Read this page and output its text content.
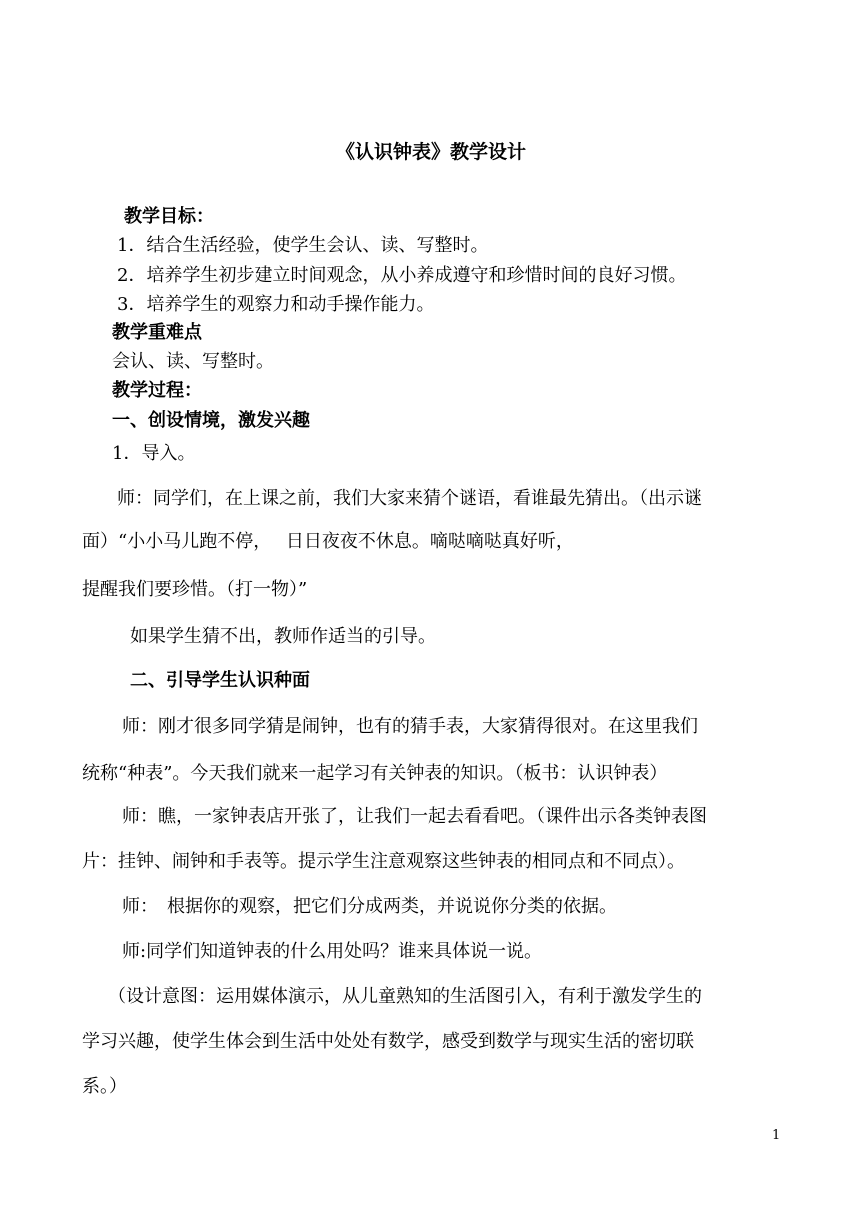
《认识钟表》教学设计
教学目标：
1．结合生活经验，使学生会认、读、写整时。
2．培养学生初步建立时间观念，从小养成遵守和珍惜时间的良好习惯。
3．培养学生的观察力和动手操作能力。
教学重难点
会认、读、写整时。
教学过程：
一、创设情境，激发兴趣
1．导入。
师：同学们，在上课之前，我们大家来猜个谜语，看谁最先猜出。（出示谜
面）“小小马儿跑不停，　 日日夜夜不休息。嘀哒嘀哒真好听，
提醒我们要珍惜。（打一物）”
如果学生猜不出，教师作适当的引导。
二、引导学生认识种面
师：刚才很多同学猜是闹钟，也有的猜手表，大家猜得很对。在这里我们
统称“种表”。今天我们就来一起学习有关钟表的知识。（板书：认识钟表）
师：瞧，一家钟表店开张了，让我们一起去看看吧。（课件出示各类钟表图
片：挂钟、闹钟和手表等。提示学生注意观察这些钟表的相同点和不同点）。
师：　根据你的观察，把它们分成两类，并说说你分类的依据。
师:同学们知道钟表的什么用处吗？谁来具体说一说。
（设计意图：运用媒体演示，从儿童熟知的生活图引入，有利于激发学生的
学习兴趣，使学生体会到生活中处处有数学，感受到数学与现实生活的密切联
系。）
1
